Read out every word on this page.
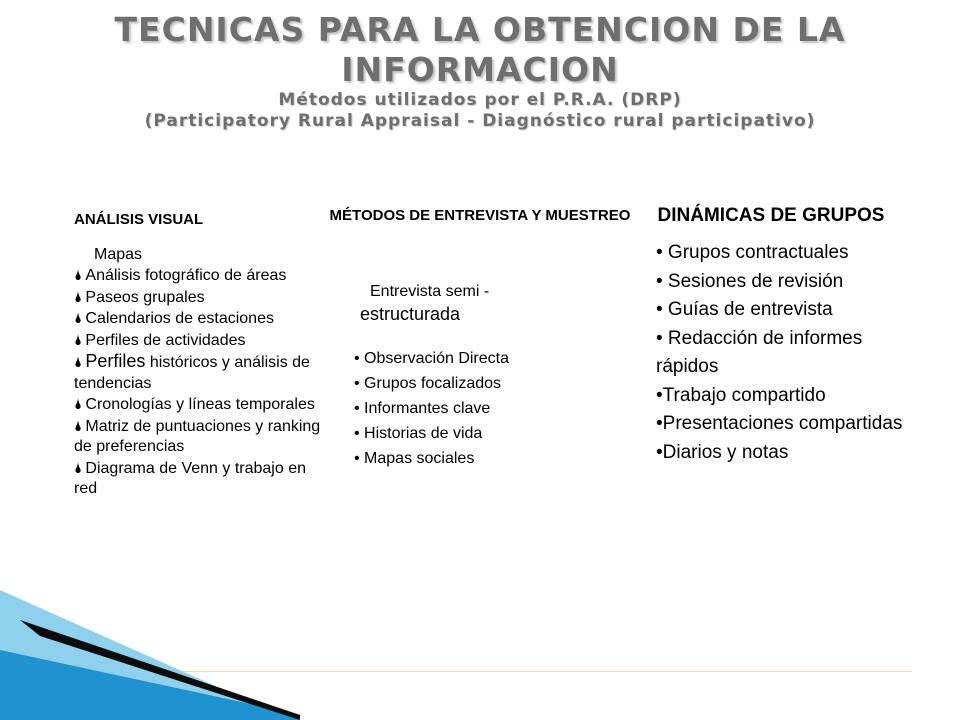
TECNICAS PARA LA OBTENCION DE LA INFORMACION
Métodos utilizados por el P.R.A. (DRP)
(Participatory Rural Appraisal - Diagnóstico rural participativo)
ANÁLISIS VISUAL
Mapas
🌢 Análisis fotográfico de áreas
🌢 Paseos grupales
🌢 Calendarios de estaciones
🌢 Perfiles de actividades
🌢 Perfiles históricos y análisis de tendencias
🌢 Cronologías y líneas temporales
🌢 Matriz de puntuaciones y ranking de preferencias
🌢 Diagrama de Venn y trabajo en red
MÉTODOS DE ENTREVISTA Y MUESTREO
Entrevista semi -
estructurada
• Observación Directa
• Grupos focalizados
• Informantes clave
• Historias de vida
• Mapas sociales
DINÁMICAS DE GRUPOS
• Grupos contractuales
• Sesiones de revisión
• Guías de entrevista
• Redacción de informes rápidos
•Trabajo compartido
•Presentaciones compartidas
•Diarios y notas
